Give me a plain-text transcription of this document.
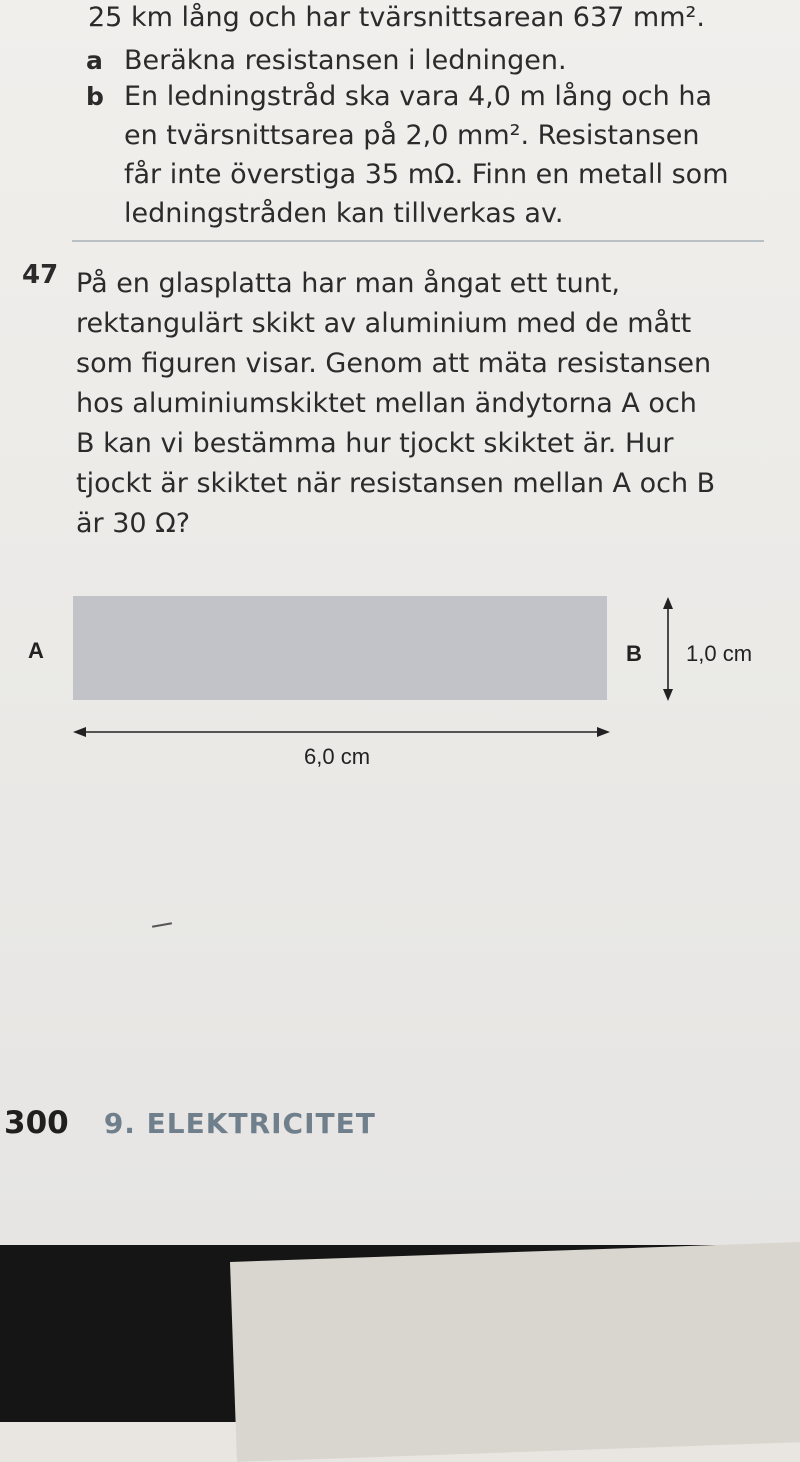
25 km lång och har tvärsnittsarean 637 mm².
a Beräkna resistansen i ledningen.
b En ledningstråd ska vara 4,0 m lång och ha
en tvärsnittsarea på 2,0 mm². Resistansen
får inte överstiga 35 mΩ. Finn en metall som
ledningstråden kan tillverkas av.
47 På en glasplatta har man ångat ett tunt,
rektangulärt skikt av aluminium med de mått
som figuren visar. Genom att mäta resistansen
hos aluminiumskiktet mellan ändytorna A och
B kan vi bestämma hur tjockt skiktet är. Hur
tjockt är skiktet när resistansen mellan A och B
är 30 Ω?
A	B 1,0 cm
6,0 cm
300 9. ELEKTRICITET
